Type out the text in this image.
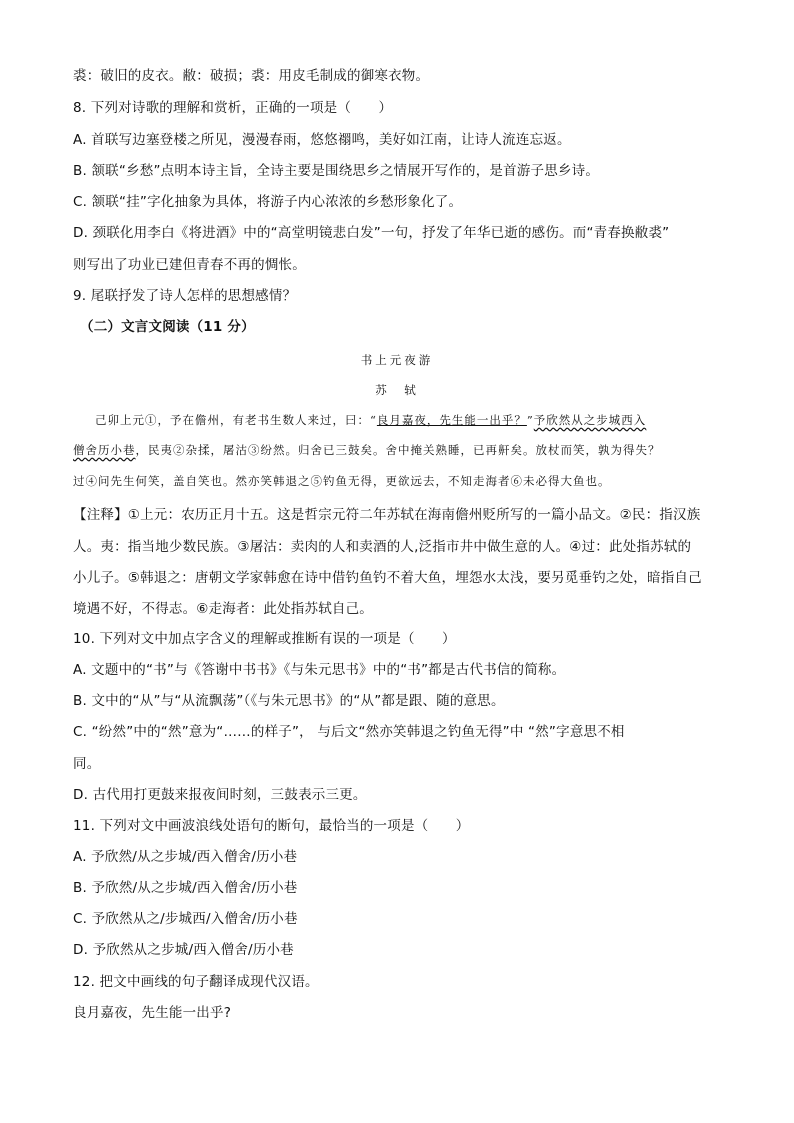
裘：破旧的皮衣。敝：破损；裘：用皮毛制成的御寒衣物。
8. 下列对诗歌的理解和赏析，正确的一项是（　　）
A. 首联写边塞登楼之所见，漫漫春雨，悠悠禤鸣，美好如江南，让诗人流连忘返。
B. 颔联“乡愁”点明本诗主旨，全诗主要是围绕思乡之情展开写作的，是首游子思乡诗。
C. 颔联“挂”字化抽象为具体，将游子内心浓浓的乡愁形象化了。
D. 颈联化用李白《将进酒》中的“高堂明镜悲白发”一句，抒发了年华已逝的感伤。而“青春换敝裘”
则写出了功业已建但青春不再的惆怅。
9. 尾联抒发了诗人怎样的思想感情？
（二）文言文阅读（11 分）
书上元夜游
苏　轼
己卯上元①，予在儋州，有老书生数人来过，曰：“良月嘉夜，先生能一出乎？”予欣然从之步城西入
僧舍历小巷，民夷②杂揉，屠沽③纷然。归舍已三鼓矣。舍中掩关熟睡，已再鼾矣。放杖而笑，孰为得失？
过④问先生何笑，盖自笑也。然亦笑韩退之⑤钓鱼无得，更欲远去，不知走海者⑥未必得大鱼也。
【注释】①上元：农历正月十五。这是哲宗元符二年苏轼在海南儋州贬所写的一篇小品文。②民：指汉族
人。夷：指当地少数民族。③屠沽：卖肉的人和卖酒的人,泛指市井中做生意的人。④过：此处指苏轼的
小儿子。⑤韩退之：唐朝文学家韩愈在诗中借钓鱼钓不着大鱼，埋怨水太浅，要另觅垂钓之处，暗指自己
境遇不好，不得志。⑥走海者：此处指苏轼自己。
10. 下列对文中加点字含义的理解或推断有误的一项是（　　）
A. 文题中的“书”与《答谢中书书》《与朱元思书》中的“书”都是古代书信的简称。
B. 文中的“从”与“从流飘荡”（《与朱元思书》的“从”都是跟、随的意思。
C. “纷然”中的“然”意为“……的样子”， 与后文“然亦笑韩退之钓鱼无得”中 “然”字意思不相
同。
D. 古代用打更鼓来报夜间时刻，三鼓表示三更。
11. 下列对文中画波浪线处语句的断句，最恰当的一项是（　　）
A. 予欣然/从之步城/西入僧舍/历小巷
B. 予欣然/从之步城/西入僧舍/历小巷
C. 予欣然从之/步城西/入僧舍/历小巷
D. 予欣然从之步城/西入僧舍/历小巷
12. 把文中画线的句子翻译成现代汉语。
良月嘉夜，先生能一出乎?
